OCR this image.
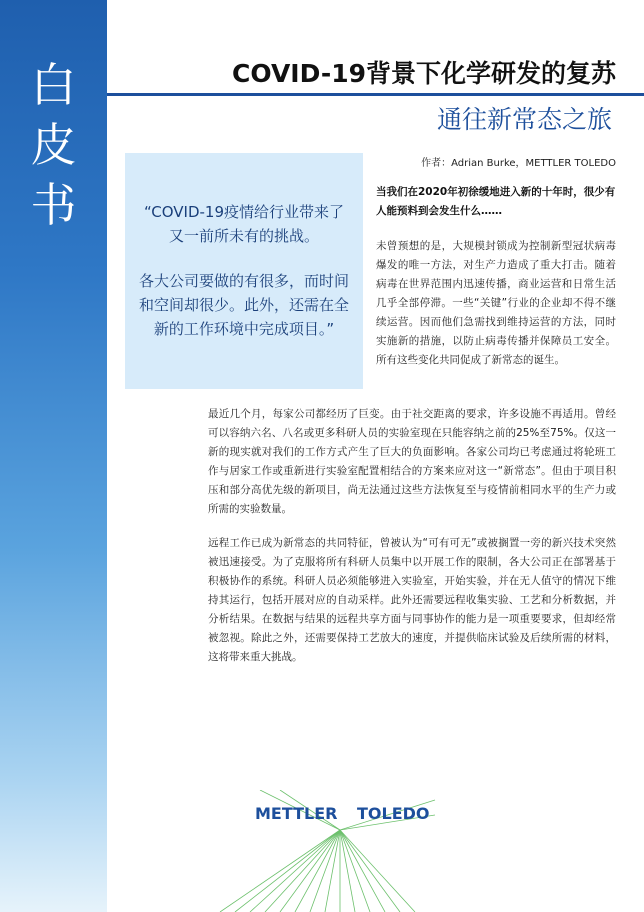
白
皮
书
COVID-19背景下化学研发的复苏
通往新常态之旅
作者：Adrian Burke，METTLER TOLEDO

“COVID-19疫情给行业带来了又一前所未有的挑战。

各大公司要做的有很多，而时间和空间却很少。此外，还需在全新的工作环境中完成项目。”

当我们在2020年初徐缓地进入新的十年时，很少有人能预料到会发生什么……

未曾预想的是，大规模封锁成为控制新型冠状病毒爆发的唯一方法，对生产力造成了重大打击。随着病毒在世界范围内迅速传播，商业运营和日常生活几乎全部停滞。一些“关键”行业的企业却不得不继续运营。因而他们急需找到维持运营的方法，同时实施新的措施，以防止病毒传播并保障员工安全。所有这些变化共同促成了新常态的诞生。

最近几个月，每家公司都经历了巨变。由于社交距离的要求，许多设施不再适用。曾经可以容纳六名、八名或更多科研人员的实验室现在只能容纳之前的25%至75%。仅这一新的现实就对我们的工作方式产生了巨大的负面影响。各家公司均已考虑通过将轮班工作与居家工作或重新进行实验室配置相结合的方案来应对这一“新常态”。但由于项目积压和部分高优先级的新项目，尚无法通过这些方法恢复至与疫情前相同水平的生产力或所需的实验数量。

远程工作已成为新常态的共同特征，曾被认为“可有可无”或被搁置一旁的新兴技术突然被迅速接受。为了克服将所有科研人员集中以开展工作的限制，各大公司正在部署基于积极协作的系统。科研人员必须能够进入实验室，开始实验，并在无人值守的情况下维持其运行，包括开展对应的自动采样。此外还需要远程收集实验、工艺和分析数据，并分析结果。在数据与结果的远程共享方面与同事协作的能力是一项重要要求，但却经常被忽视。除此之外，还需要保持工艺放大的速度，并提供临床试验及后续所需的材料，这将带来重大挑战。

METTLER TOLEDO
